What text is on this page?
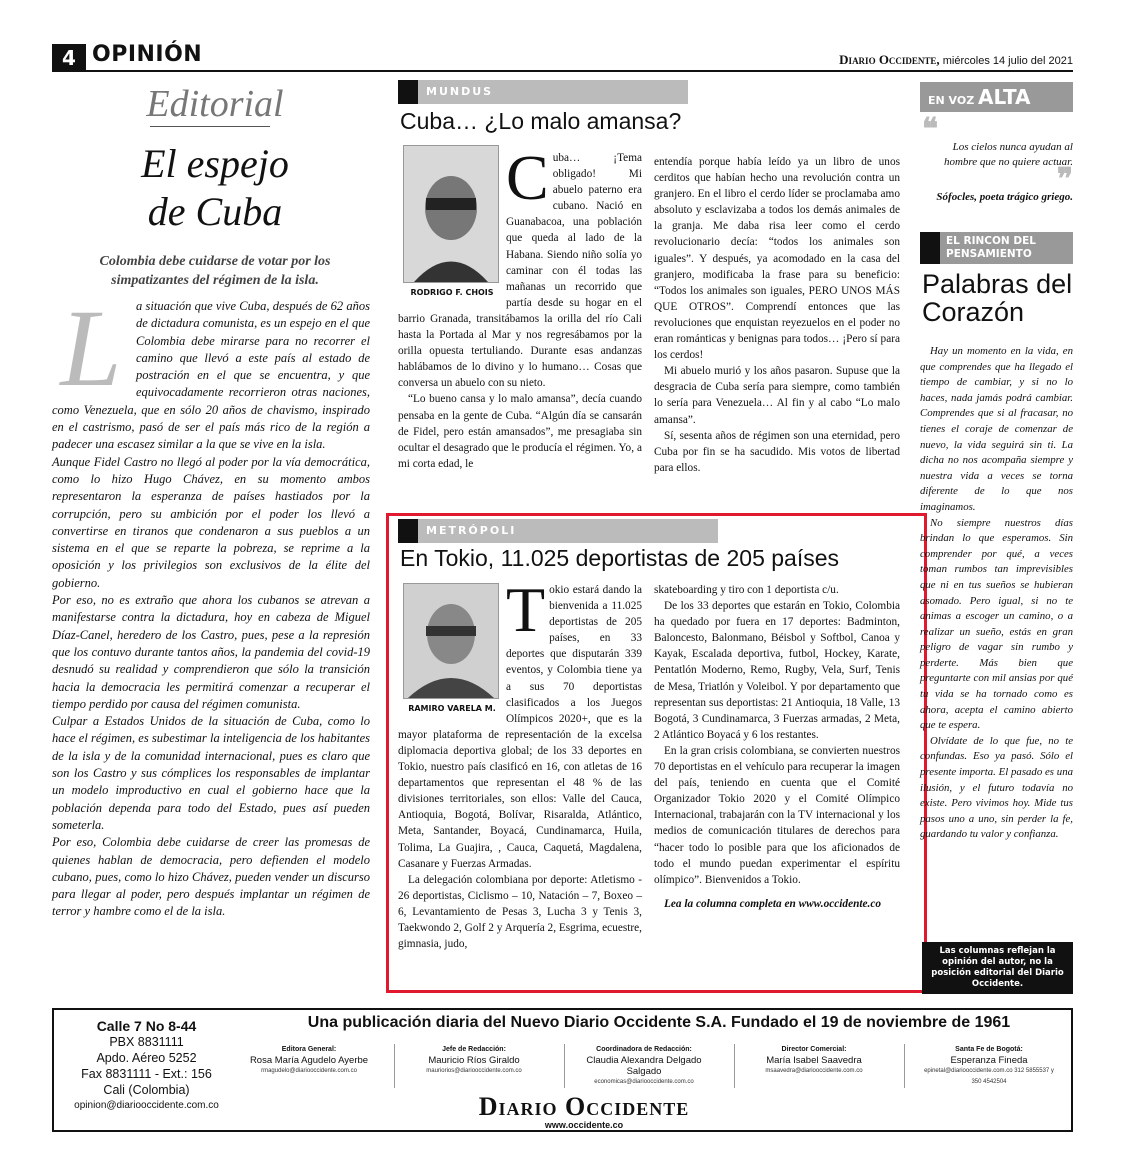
4 OPINIÓN	Diario Occidente, miércoles 14 julio del 2021
Editorial
El espejo
de Cuba
Colombia debe cuidarse de votar por los simpatizantes del régimen de la isla.
L	a situación que vive Cuba, después de 62 años de dictadura comunista, es un espejo en el que Colombia debe mirarse para no recorrer el camino que llevó a este país al estado de postración en el que se encuentra, y que equivocadamente recorrieron otras naciones, como Venezuela, que en sólo 20 años de chavismo, inspirado en el castrismo, pasó de ser el país más rico de la región a padecer una escasez similar a la que se vive en la isla.

Aunque Fidel Castro no llegó al poder por la vía democrática, como lo hizo Hugo Chávez, en su momento ambos representaron la esperanza de países hastiados por la corrupción, pero su ambición por el poder los llevó a convertirse en tiranos que condenaron a sus pueblos a un sistema en el que se reparte la pobreza, se reprime a la oposición y los privilegios son exclusivos de la élite del gobierno.

Por eso, no es extraño que ahora los cubanos se atrevan a manifestarse contra la dictadura, hoy en cabeza de Miguel Díaz-Canel, heredero de los Castro, pues, pese a la represión que los contuvo durante tantos años, la pandemia del covid-19 desnudó su realidad y comprendieron que sólo la transición hacia la democracia les permitirá comenzar a recuperar el tiempo perdido por causa del régimen comunista.

Culpar a Estados Unidos de la situación de Cuba, como lo hace el régimen, es subestimar la inteligencia de los habitantes de la isla y de la comunidad internacional, pues es claro que son los Castro y sus cómplices los responsables de implantar un modelo improductivo en cual el gobierno hace que la población dependa para todo del Estado, pues así pueden someterla.

Por eso, Colombia debe cuidarse de creer las promesas de quienes hablan de democracia, pero defienden el modelo cubano, pues, como lo hizo Chávez, pueden vender un discurso para llegar al poder, pero después implantar un régimen de terror y hambre como el de la isla.

MUNDUS
Cuba… ¿Lo malo amansa?
RODRIGO F. CHOIS
C uba… ¡Tema obligado! Mi abuelo paterno era cubano. Nació en Guanabacoa, una población que queda al lado de la Habana. Siendo niño solía yo caminar con él todas las mañanas un recorrido que partía desde su hogar en el barrio Granada, transitábamos la orilla del río Cali hasta la Portada al Mar y nos regresábamos por la orilla opuesta tertuliando. Durante esas andanzas hablábamos de lo divino y lo humano… Cosas que conversa un abuelo con su nieto.

“Lo bueno cansa y lo malo amansa”, decía cuando pensaba en la gente de Cuba. “Algún día se cansarán de Fidel, pero están amansados”, me presagiaba sin ocultar el desagrado que le producía el régimen. Yo, a mi corta edad, le

entendía porque había leído ya un libro de unos cerditos que habían hecho una revolución contra un granjero. En el libro el cerdo líder se proclamaba amo absoluto y esclavizaba a todos los demás animales de la granja. Me daba risa leer como el cerdo revolucionario decía: “todos los animales son iguales”. Y después, ya acomodado en la casa del granjero, modificaba la frase para su beneficio: “Todos los animales son iguales, PERO UNOS MÁS QUE OTROS”. Comprendí entonces que las revoluciones que enquistan reyezuelos en el poder no eran románticas y benignas para todos… ¡Pero sí para los cerdos!

Mi abuelo murió y los años pasaron. Supuse que la desgracia de Cuba sería para siempre, como también lo sería para Venezuela… Al fin y al cabo “Lo malo amansa”.

Sí, sesenta años de régimen son una eternidad, pero Cuba por fin se ha sacudido. Mis votos de libertad para ellos.

METRÓPOLI
En Tokio, 11.025 deportistas de 205 países
RAMIRO VARELA M.
T okio estará dando la bienvenida a 11.025 deportistas de 205 países, en 33 deportes que disputarán 339 eventos, y Colombia tiene ya a sus 70 deportistas clasificados a los Juegos Olímpicos 2020+, que es la mayor plataforma de representación de la excelsa diplomacia deportiva global; de los 33 deportes en Tokio, nuestro país clasificó en 16, con atletas de 16 departamentos que representan el 48 % de las divisiones territoriales, son ellos: Valle del Cauca, Antioquia, Bogotá, Bolívar, Risaralda, Atlántico, Meta, Santander, Boyacá, Cundinamarca, Huila, Tolima, La Guajira, , Cauca, Caquetá, Magdalena, Casanare y Fuerzas Armadas.

La delegación colombiana por deporte: Atletismo - 26 deportistas, Ciclismo – 10, Natación – 7, Boxeo – 6, Levantamiento de Pesas 3, Lucha 3 y Tenis 3, Taekwondo 2, Golf 2 y Arquería 2, Esgrima, ecuestre, gimnasia, judo,

skateboarding y tiro con 1 deportista c/u.

De los 33 deportes que estarán en Tokio, Colombia ha quedado por fuera en 17 deportes: Badminton, Baloncesto, Balonmano, Béisbol y Softbol, Canoa y Kayak, Escalada deportiva, futbol, Hockey, Karate, Pentatlón Moderno, Remo, Rugby, Vela, Surf, Tenis de Mesa, Triatlón y Voleibol. Y por departamento que representan sus deportistas: 21 Antioquia, 18 Valle, 13 Bogotá, 3 Cundinamarca, 3 Fuerzas armadas, 2 Meta, 2 Atlántico Boyacá y 6 los restantes.

En la gran crisis colombiana, se convierten nuestros 70 deportistas en el vehículo para recuperar la imagen del país, teniendo en cuenta que el Comité Organizador Tokio 2020 y el Comité Olímpico Internacional, trabajarán con la TV internacional y los medios de comunicación titulares de derechos para “hacer todo lo posible para que los aficionados de todo el mundo puedan experimentar el espíritu olímpico”. Bienvenidos a Tokio.

Lea la columna completa en www.occidente.co

EN VOZ ALTA
❝	Los cielos nunca ayudan al hombre que no quiere actuar.
❞
Sófocles, poeta trágico griego.
EL RINCON DEL PENSAMIENTO
Palabras del Corazón

Hay un momento en la vida, en que comprendes que ha llegado el tiempo de cambiar, y si no lo haces, nada jamás podrá cambiar. Comprendes que si al fracasar, no tienes el coraje de comenzar de nuevo, la vida seguirá sin ti. La dicha no nos acompaña siempre y nuestra vida a veces se torna diferente de lo que nos imaginamos.

No siempre nuestros días brindan lo que esperamos. Sin comprender por qué, a veces toman rumbos tan imprevisibles que ni en tus sueños se hubieran asomado. Pero igual, si no te animas a escoger un camino, o a realizar un sueño, estás en gran peligro de vagar sin rumbo y perderte. Más bien que preguntarte con mil ansias por qué tu vida se ha tornado como es ahora, acepta el camino abierto que te espera.

Olvídate de lo que fue, no te confundas. Eso ya pasó. Sólo el presente importa. El pasado es una ilusión, y el futuro todavía no existe. Pero vivimos hoy. Mide tus pasos uno a uno, sin perder la fe, guardando tu valor y confianza.

Las columnas reflejan la opinión del autor, no la posición editorial del Diario Occidente.
Calle 7 No 8-44
PBX 8831111
Apdo. Aéreo 5252
Fax 8831111 - Ext.: 156
Cali (Colombia)
opinion@diariooccidente.com.co
Una publicación diaria del Nuevo Diario Occidente S.A. Fundado el 19 de noviembre de 1961
Editora General:
Rosa María Agudelo Ayerbe
rmagudelo@diariooccidente.com.co
Jefe de Redacción:
Mauricio Ríos Giraldo
mauriorios@diariooccidente.com.co
Coordinadora de Redacción:
Claudia Alexandra Delgado Salgado
economicas@diariooccidente.com.co
Director Comercial:
María Isabel Saavedra
msaavedra@diariooccidente.com.co
Santa Fe de Bogotá:
Esperanza Fineda
epinetal@diariooccidente.com.co 312 5855537 y 350 4542504
Diario Occidente
www.occidente.co
